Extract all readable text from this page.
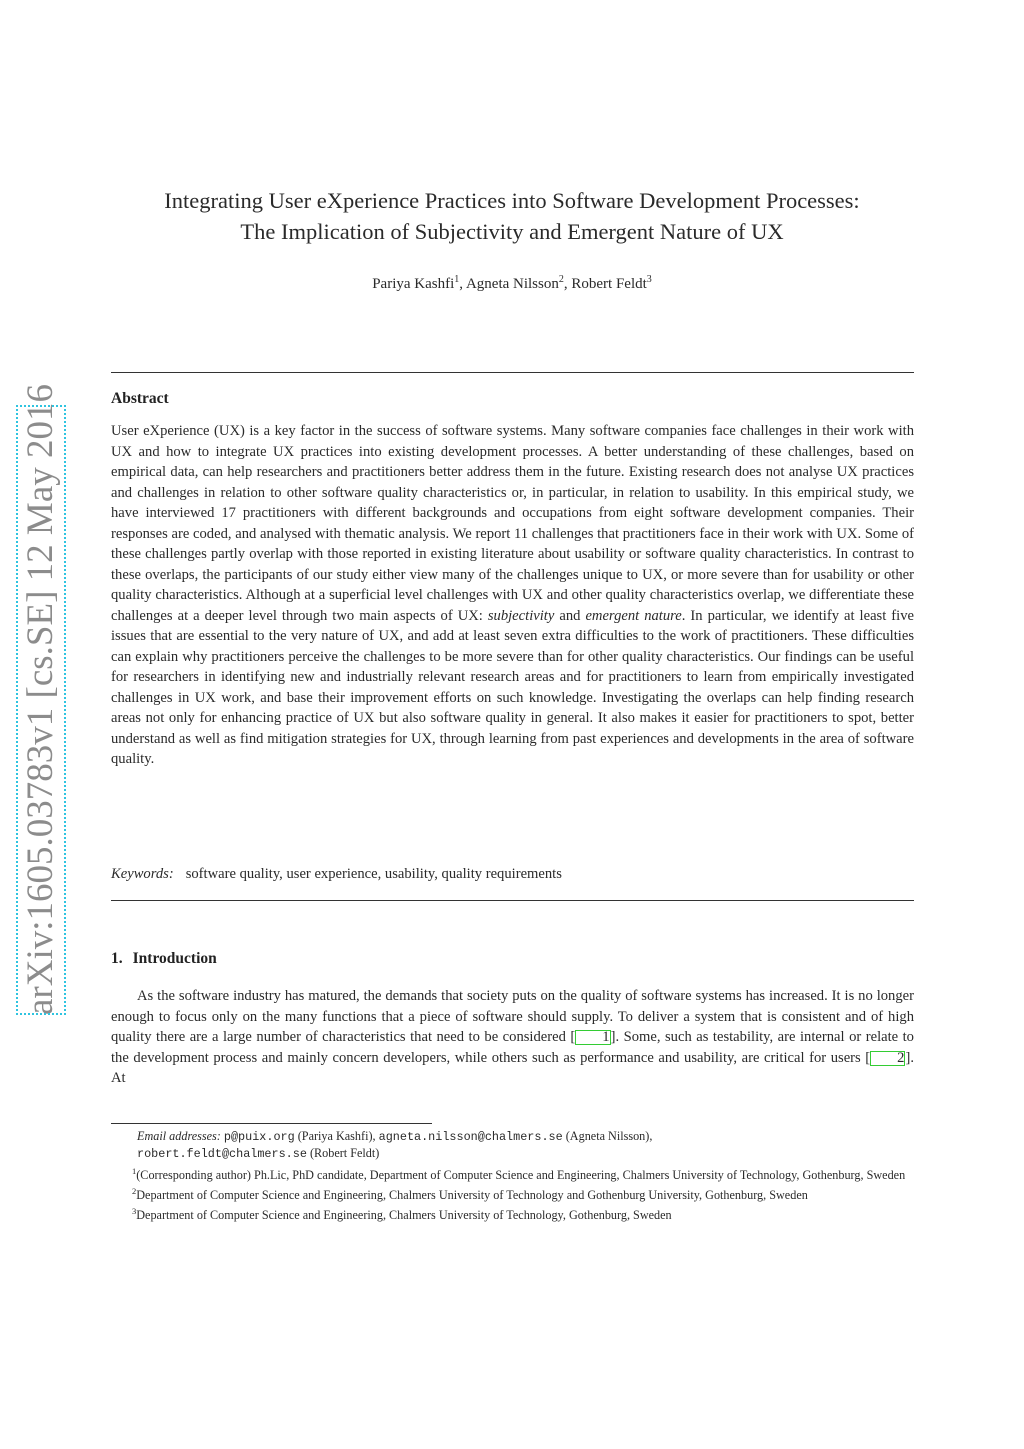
arXiv:1605.03783v1 [cs.SE] 12 May 2016
Integrating User eXperience Practices into Software Development Processes:
The Implication of Subjectivity and Emergent Nature of UX
Pariya Kashfi$^1$, Agneta Nilsson$^2$, Robert Feldt$^3$
Abstract
User eXperience (UX) is a key factor in the success of software systems. Many software companies face challenges in their work with UX and how to integrate UX practices into existing development processes. A better understanding of these challenges, based on empirical data, can help researchers and practitioners better address them in the future. Existing research does not analyse UX practices and challenges in relation to other software quality characteristics or, in particular, in relation to usability. In this empirical study, we have interviewed 17 practitioners with different backgrounds and occupations from eight software development companies. Their responses are coded, and analysed with thematic analysis. We report 11 challenges that practitioners face in their work with UX. Some of these challenges partly overlap with those reported in existing literature about usability or software quality characteristics. In contrast to these overlaps, the participants of our study either view many of the challenges unique to UX, or more severe than for usability or other quality characteristics. Although at a superficial level challenges with UX and other quality characteristics overlap, we differentiate these challenges at a deeper level through two main aspects of UX: subjectivity and emergent nature. In particular, we identify at least five issues that are essential to the very nature of UX, and add at least seven extra difficulties to the work of practitioners. These difficulties can explain why practitioners perceive the challenges to be more severe than for other quality characteristics. Our findings can be useful for researchers in identifying new and industrially relevant research areas and for practitioners to learn from empirically investigated challenges in UX work, and base their improvement efforts on such knowledge. Investigating the overlaps can help finding research areas not only for enhancing practice of UX but also software quality in general. It also makes it easier for practitioners to spot, better understand as well as find mitigation strategies for UX, through learning from past experiences and developments in the area of software quality.
Keywords: software quality, user experience, usability, quality requirements
1. Introduction
As the software industry has matured, the demands that society puts on the quality of software systems has increased. It is no longer enough to focus only on the many functions that a piece of software should supply. To deliver a system that is consistent and of high quality there are a large number of characteristics that need to be considered [ 1]. Some, such as testability, are internal or relate to the development process and mainly concern developers, while others such as performance and usability, are critical for users [ 2]. At

Email addresses: p@puix.org (Pariya Kashfi), agneta.nilsson@chalmers.se (Agneta Nilsson),
robert.feldt@chalmers.se (Robert Feldt)

$^1$(Corresponding author) Ph.Lic, PhD candidate, Department of Computer Science and Engineering, Chalmers University of Technology, Gothenburg, Sweden

$^2$Department of Computer Science and Engineering, Chalmers University of Technology and Gothenburg University, Gothenburg, Sweden

$^3$Department of Computer Science and Engineering, Chalmers University of Technology, Gothenburg, Sweden
